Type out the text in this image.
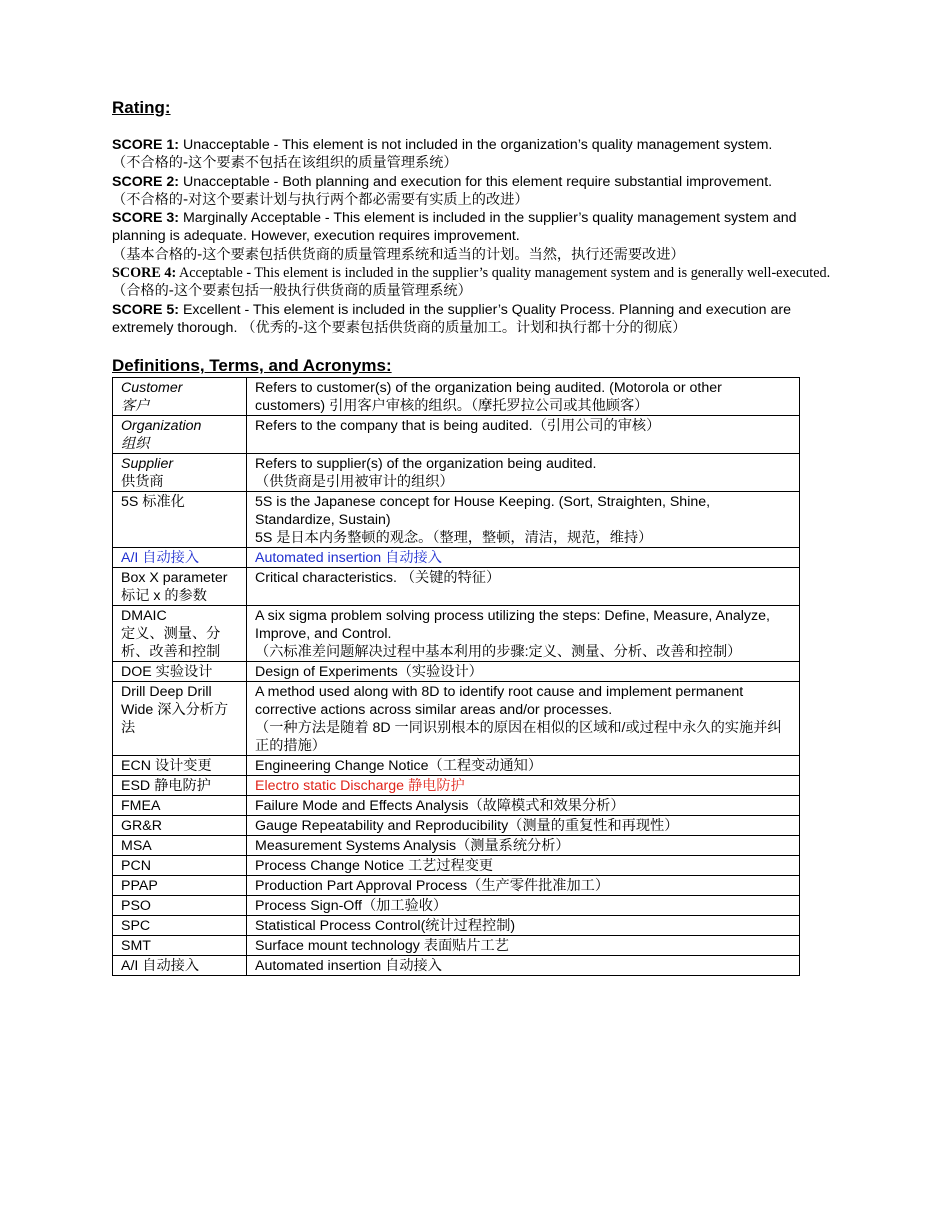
Rating:

SCORE 1: Unacceptable - This element is not included in the organization’s quality management system.
（不合格的-这个要素不包括在该组织的质量管理系统）

SCORE 2: Unacceptable - Both planning and execution for this element require substantial improvement.
（不合格的-对这个要素计划与执行两个都必需要有实质上的改进）

SCORE 3: Marginally Acceptable - This element is included in the supplier’s quality management system and planning is adequate. However, execution requires improvement.
（基本合格的-这个要素包括供货商的质量管理系统和适当的计划。当然，执行还需要改进）

SCORE 4: Acceptable - This element is included in the supplier’s quality management system and is generally well-executed. （合格的-这个要素包括一般执行供货商的质量管理系统）

SCORE 5: Excellent - This element is included in the supplier’s Quality Process. Planning and execution are extremely thorough. （优秀的-这个要素包括供货商的质量加工。计划和执行都十分的彻底）

Definitions, Terms, and Acronyms:

Customer
客户	Refers to customer(s) of the organization being audited. (Motorola or other customers) 引用客户审核的组织。（摩托罗拉公司或其他顾客）
Organization
组织	Refers to the company that is being audited.（引用公司的审核）
Supplier
供货商	Refers to supplier(s) of the organization being audited.
（供货商是引用被审计的组织）
5S 标准化	5S is the Japanese concept for House Keeping. (Sort, Straighten, Shine, Standardize, Sustain)
5S 是日本内务整顿的观念。（整理，整顿，清洁，规范，维持）
A/I 自动接入	Automated insertion 自动接入
Box X parameter
标记 x 的参数	Critical characteristics. （关键的特征）
DMAIC
定义、测量、分析、改善和控制	A six sigma problem solving process utilizing the steps: Define, Measure, Analyze, Improve, and Control.
（六标准差问题解决过程中基本利用的步骤:定义、测量、分析、改善和控制）
DOE 实验设计	Design of Experiments（实验设计）
Drill Deep Drill Wide 深入分析方法	A method used along with 8D to identify root cause and implement permanent corrective actions across similar areas and/or processes.
（一种方法是随着 8D 一同识别根本的原因在相似的区域和/或过程中永久的实施并纠正的措施）
ECN 设计变更	Engineering Change Notice（工程变动通知）
ESD 静电防护	Electro static Discharge 静电防护
FMEA	Failure Mode and Effects Analysis（故障模式和效果分析）
GR&R	Gauge Repeatability and Reproducibility（测量的重复性和再现性）
MSA	Measurement Systems Analysis（测量系统分析）
PCN	Process Change Notice 工艺过程变更
PPAP	Production Part Approval Process（生产零件批准加工）
PSO	Process Sign-Off（加工验收）
SPC	Statistical Process Control(统计过程控制)
SMT	Surface mount technology 表面贴片工艺
A/I 自动接入	Automated insertion 自动接入
